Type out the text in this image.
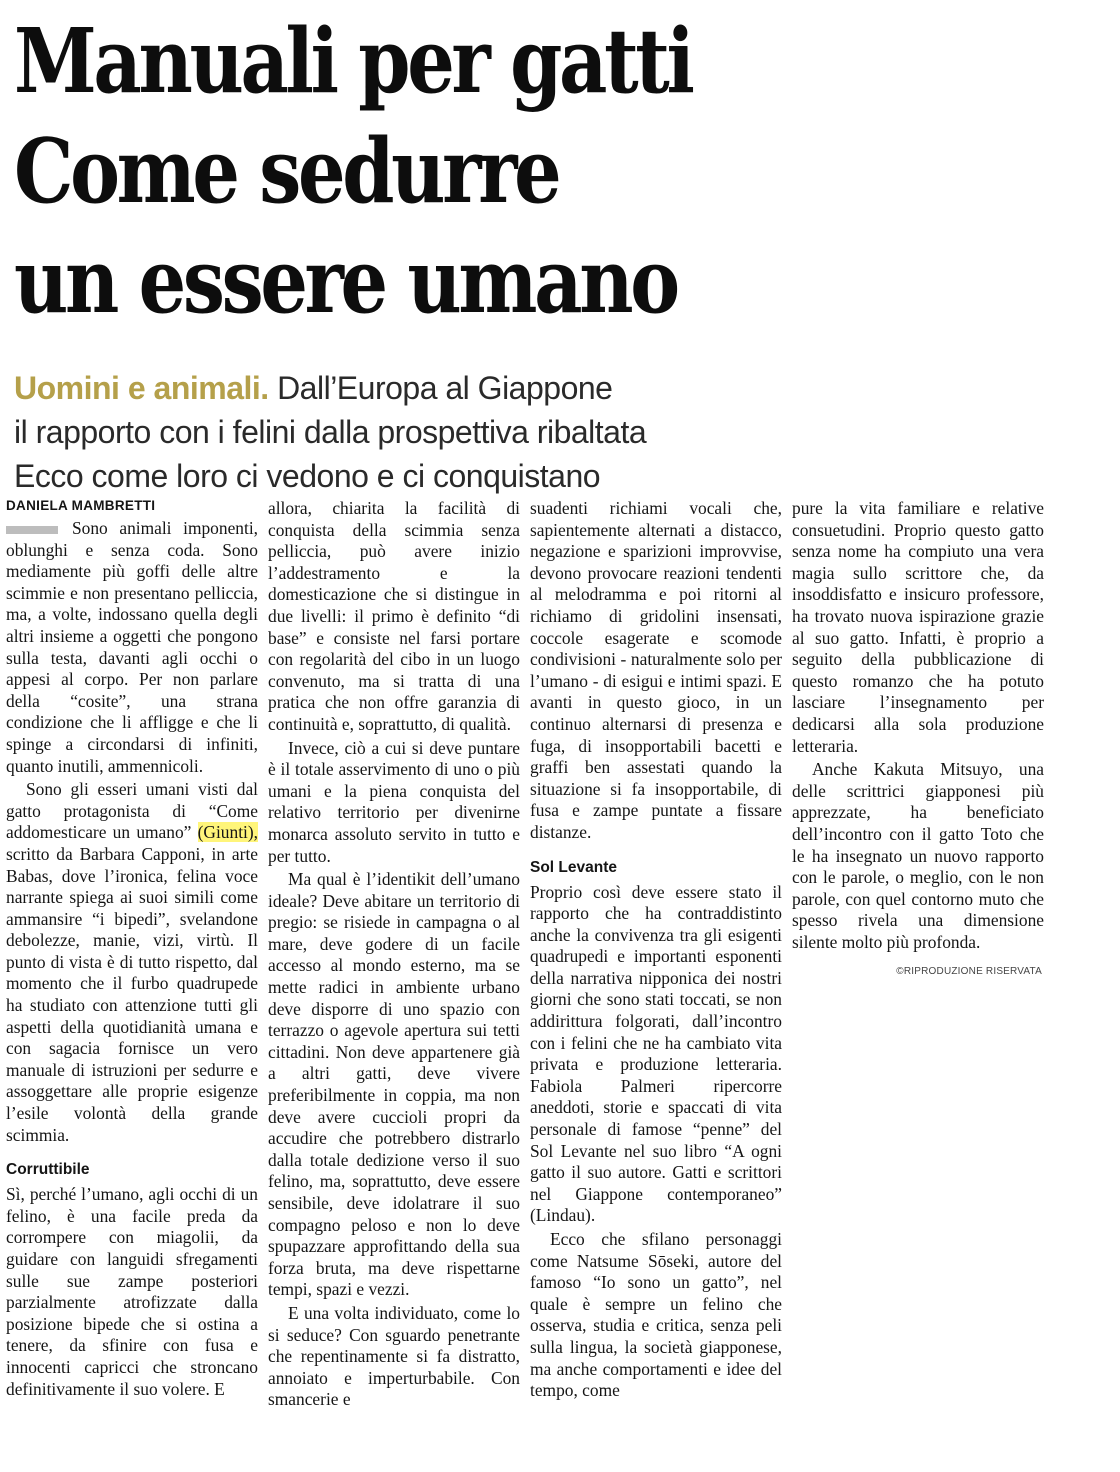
Manuali per gatti
Come sedurre
un essere umano
Uomini e animali. Dall’Europa al Giappone
il rapporto con i felini dalla prospettiva ribaltata
Ecco come loro ci vedono e ci conquistano
DANIELA MAMBRETTI

Sono animali imponenti, oblunghi e senza coda. Sono mediamente più goffi delle altre scimmie e non presentano pelliccia, ma, a volte, indossano quella degli altri insieme a oggetti che pongono sulla testa, davanti agli occhi o appesi al corpo. Per non parlare della “cosite”, una strana condizione che li affligge e che li spinge a circondarsi di infiniti, quanto inutili, ammennicoli.

Sono gli esseri umani visti dal gatto protagonista di “Come addomesticare un umano” (Giunti), scritto da Barbara Capponi, in arte Babas, dove l’ironica, felina voce narrante spiega ai suoi simili come ammansire “i bipedi”, svelandone debolezze, manie, vizi, virtù. Il punto di vista è di tutto rispetto, dal momento che il furbo quadrupede ha studiato con attenzione tutti gli aspetti della quotidianità umana e con sagacia fornisce un vero manuale di istruzioni per sedurre e assoggettare alle proprie esigenze l’esile volontà della grande scimmia.

Corruttibile

Sì, perché l’umano, agli occhi di un felino, è una facile preda da corrompere con miagolii, da guidare con languidi sfregamenti sulle sue zampe posteriori parzialmente atrofizzate dalla posizione bipede che si ostina a tenere, da sfinire con fusa e innocenti capricci che stroncano definitivamente il suo volere. E

allora, chiarita la facilità di conquista della scimmia senza pelliccia, può avere inizio l’addestramento e la domesticazione che si distingue in due livelli: il primo è definito “di base” e consiste nel farsi portare con regolarità del cibo in un luogo convenuto, ma si tratta di una pratica che non offre garanzia di continuità e, soprattutto, di qualità.

Invece, ciò a cui si deve puntare è il totale asservimento di uno o più umani e la piena conquista del relativo territorio per divenirne monarca assoluto servito in tutto e per tutto.

Ma qual è l’identikit dell’umano ideale? Deve abitare un territorio di pregio: se risiede in campagna o al mare, deve godere di un facile accesso al mondo esterno, ma se mette radici in ambiente urbano deve disporre di uno spazio con terrazzo o agevole apertura sui tetti cittadini. Non deve appartenere già a altri gatti, deve vivere preferibilmente in coppia, ma non deve avere cuccioli propri da accudire che potrebbero distrarlo dalla totale dedizione verso il suo felino, ma, soprattutto, deve essere sensibile, deve idolatrare il suo compagno peloso e non lo deve spupazzare approfittando della sua forza bruta, ma deve rispettarne tempi, spazi e vezzi.

E una volta individuato, come lo si seduce? Con sguardo penetrante che repentinamente si fa distratto, annoiato e imperturbabile. Con smancerie e

suadenti richiami vocali che, sapientemente alternati a distacco, negazione e sparizioni improvvise, devono provocare reazioni tendenti al melodramma e poi ritorni al richiamo di gridolini insensati, coccole esagerate e scomode condivisioni - naturalmente solo per l’umano - di esigui e intimi spazi. E avanti in questo gioco, in un continuo alternarsi di presenza e fuga, di insopportabili bacetti e graffi ben assestati quando la situazione si fa insopportabile, di fusa e zampe puntate a fissare distanze.

Sol Levante

Proprio così deve essere stato il rapporto che ha contraddistinto anche la convivenza tra gli esigenti quadrupedi e importanti esponenti della narrativa nipponica dei nostri giorni che sono stati toccati, se non addirittura folgorati, dall’incontro con i felini che ne ha cambiato vita privata e produzione letteraria. Fabiola Palmeri ripercorre aneddoti, storie e spaccati di vita personale di famose “penne” del Sol Levante nel suo libro “A ogni gatto il suo autore. Gatti e scrittori nel Giappone contemporaneo” (Lindau).

Ecco che sfilano personaggi come Natsume Sōseki, autore del famoso “Io sono un gatto”, nel quale è sempre un felino che osserva, studia e critica, senza peli sulla lingua, la società giapponese, ma anche comportamenti e idee del tempo, come

pure la vita familiare e relative consuetudini. Proprio questo gatto senza nome ha compiuto una vera magia sullo scrittore che, da insoddisfatto e insicuro professore, ha trovato nuova ispirazione grazie al suo gatto. Infatti, è proprio a seguito della pubblicazione di questo romanzo che ha potuto lasciare l’insegnamento per dedicarsi alla sola produzione letteraria.

Anche Kakuta Mitsuyo, una delle scrittrici giapponesi più apprezzate, ha beneficiato dell’incontro con il gatto Toto che le ha insegnato un nuovo rapporto con le parole, o meglio, con le non parole, con quel contorno muto che spesso rivela una dimensione silente molto più profonda.

©RIPRODUZIONE RISERVATA
